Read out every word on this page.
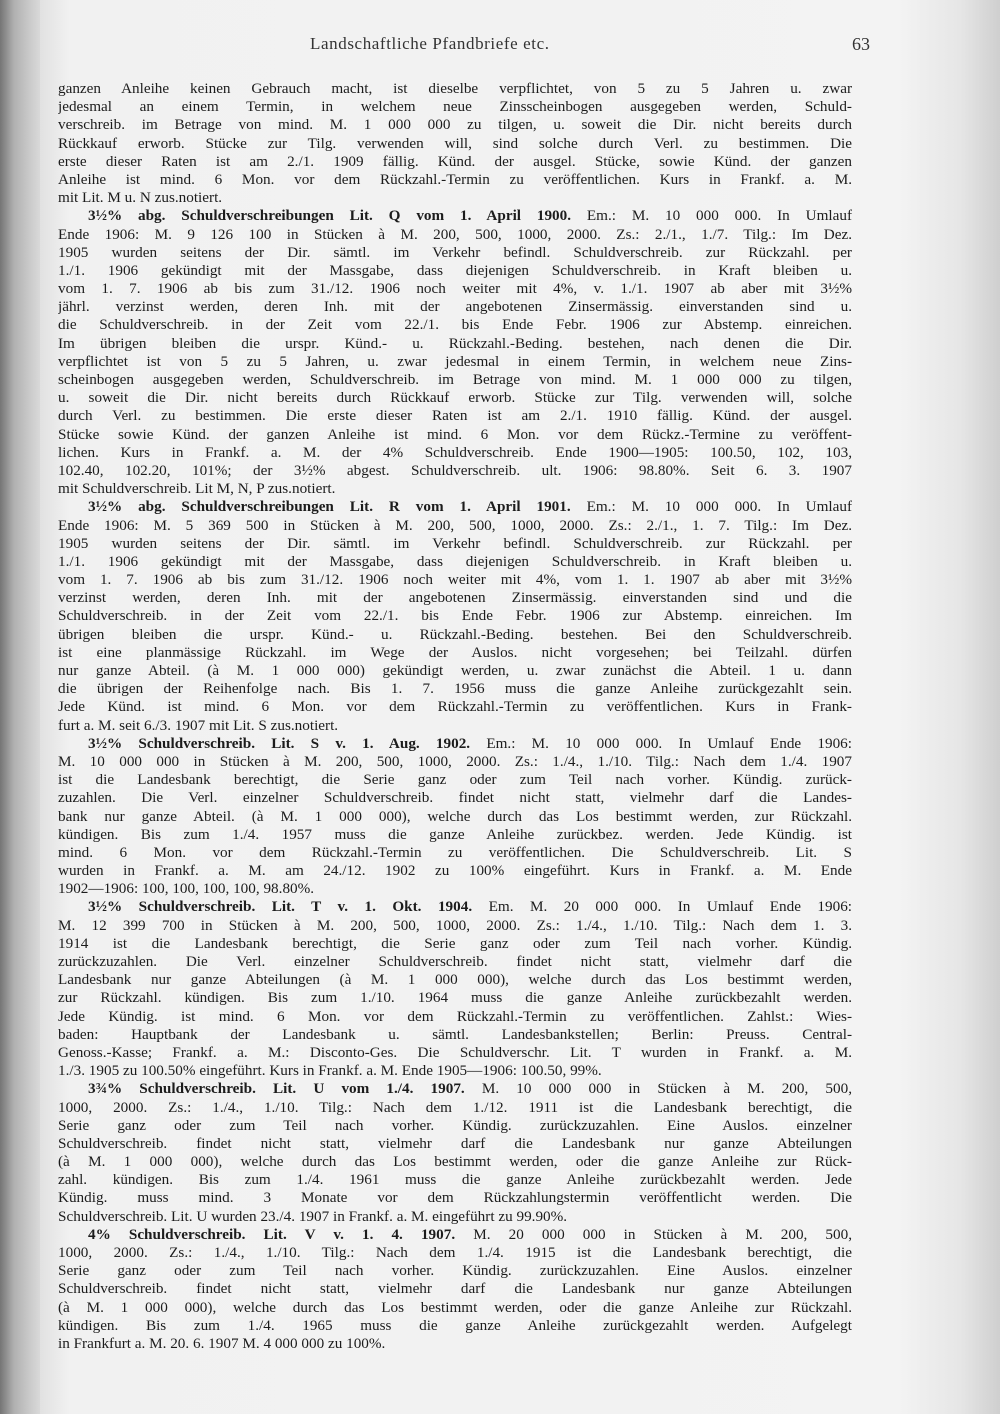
Landschaftliche Pfandbriefe etc.	63
ganzen Anleihe keinen Gebrauch macht, ist dieselbe verpflichtet, von 5 zu 5 Jahren u. zwar
jedesmal an einem Termin, in welchem neue Zinsscheinbogen ausgegeben werden, Schuld-
verschreib. im Betrage von mind. M. 1 000 000 zu tilgen, u. soweit die Dir. nicht bereits durch
Rückkauf erworb. Stücke zur Tilg. verwenden will, sind solche durch Verl. zu bestimmen. Die
erste dieser Raten ist am 2./1. 1909 fällig. Künd. der ausgel. Stücke, sowie Künd. der ganzen
Anleihe ist mind. 6 Mon. vor dem Rückzahl.-Termin zu veröffentlichen. Kurs in Frankf. a. M.
mit Lit. M u. N zus.notiert.
3½% abg. Schuldverschreibungen Lit. Q vom 1. April 1900. Em.: M. 10 000 000. In Umlauf
Ende 1906: M. 9 126 100 in Stücken à M. 200, 500, 1000, 2000. Zs.: 2./1., 1./7. Tilg.: Im Dez.
1905 wurden seitens der Dir. sämtl. im Verkehr befindl. Schuldverschreib. zur Rückzahl. per
1./1. 1906 gekündigt mit der Massgabe, dass diejenigen Schuldverschreib. in Kraft bleiben u.
vom 1. 7. 1906 ab bis zum 31./12. 1906 noch weiter mit 4%, v. 1./1. 1907 ab aber mit 3½%
jährl. verzinst werden, deren Inh. mit der angebotenen Zinsermässig. einverstanden sind u.
die Schuldverschreib. in der Zeit vom 22./1. bis Ende Febr. 1906 zur Abstemp. einreichen.
Im übrigen bleiben die urspr. Künd.- u. Rückzahl.-Beding. bestehen, nach denen die Dir.
verpflichtet ist von 5 zu 5 Jahren, u. zwar jedesmal in einem Termin, in welchem neue Zins-
scheinbogen ausgegeben werden, Schuldverschreib. im Betrage von mind. M. 1 000 000 zu tilgen,
u. soweit die Dir. nicht bereits durch Rückkauf erworb. Stücke zur Tilg. verwenden will, solche
durch Verl. zu bestimmen. Die erste dieser Raten ist am 2./1. 1910 fällig. Künd. der ausgel.
Stücke sowie Künd. der ganzen Anleihe ist mind. 6 Mon. vor dem Rückz.-Termine zu veröffent-
lichen. Kurs in Frankf. a. M. der 4% Schuldverschreib. Ende 1900—1905: 100.50, 102, 103,
102.40, 102.20, 101%; der 3½% abgest. Schuldverschreib. ult. 1906: 98.80%. Seit 6. 3. 1907
mit Schuldverschreib. Lit M, N, P zus.notiert.
3½% abg. Schuldverschreibungen Lit. R vom 1. April 1901. Em.: M. 10 000 000. In Umlauf
Ende 1906: M. 5 369 500 in Stücken à M. 200, 500, 1000, 2000. Zs.: 2./1., 1. 7. Tilg.: Im Dez.
1905 wurden seitens der Dir. sämtl. im Verkehr befindl. Schuldverschreib. zur Rückzahl. per
1./1. 1906 gekündigt mit der Massgabe, dass diejenigen Schuldverschreib. in Kraft bleiben u.
vom 1. 7. 1906 ab bis zum 31./12. 1906 noch weiter mit 4%, vom 1. 1. 1907 ab aber mit 3½%
verzinst werden, deren Inh. mit der angebotenen Zinsermässig. einverstanden sind und die
Schuldverschreib. in der Zeit vom 22./1. bis Ende Febr. 1906 zur Abstemp. einreichen. Im
übrigen bleiben die urspr. Künd.- u. Rückzahl.-Beding. bestehen. Bei den Schuldverschreib.
ist eine planmässige Rückzahl. im Wege der Auslos. nicht vorgesehen; bei Teilzahl. dürfen
nur ganze Abteil. (à M. 1 000 000) gekündigt werden, u. zwar zunächst die Abteil. 1 u. dann
die übrigen der Reihenfolge nach. Bis 1. 7. 1956 muss die ganze Anleihe zurückgezahlt sein.
Jede Künd. ist mind. 6 Mon. vor dem Rückzahl.-Termin zu veröffentlichen. Kurs in Frank-
furt a. M. seit 6./3. 1907 mit Lit. S zus.notiert.
3½% Schuldverschreib. Lit. S v. 1. Aug. 1902. Em.: M. 10 000 000. In Umlauf Ende 1906:
M. 10 000 000 in Stücken à M. 200, 500, 1000, 2000. Zs.: 1./4., 1./10. Tilg.: Nach dem 1./4. 1907
ist die Landesbank berechtigt, die Serie ganz oder zum Teil nach vorher. Kündig. zurück-
zuzahlen. Die Verl. einzelner Schuldverschreib. findet nicht statt, vielmehr darf die Landes-
bank nur ganze Abteil. (à M. 1 000 000), welche durch das Los bestimmt werden, zur Rückzahl.
kündigen. Bis zum 1./4. 1957 muss die ganze Anleihe zurückbez. werden. Jede Kündig. ist
mind. 6 Mon. vor dem Rückzahl.-Termin zu veröffentlichen. Die Schuldverschreib. Lit. S
wurden in Frankf. a. M. am 24./12. 1902 zu 100% eingeführt. Kurs in Frankf. a. M. Ende
1902—1906: 100, 100, 100, 100, 98.80%.
3½% Schuldverschreib. Lit. T v. 1. Okt. 1904. Em. M. 20 000 000. In Umlauf Ende 1906:
M. 12 399 700 in Stücken à M. 200, 500, 1000, 2000. Zs.: 1./4., 1./10. Tilg.: Nach dem 1. 3.
1914 ist die Landesbank berechtigt, die Serie ganz oder zum Teil nach vorher. Kündig.
zurückzuzahlen. Die Verl. einzelner Schuldverschreib. findet nicht statt, vielmehr darf die
Landesbank nur ganze Abteilungen (à M. 1 000 000), welche durch das Los bestimmt werden,
zur Rückzahl. kündigen. Bis zum 1./10. 1964 muss die ganze Anleihe zurückbezahlt werden.
Jede Kündig. ist mind. 6 Mon. vor dem Rückzahl.-Termin zu veröffentlichen. Zahlst.: Wies-
baden: Hauptbank der Landesbank u. sämtl. Landesbankstellen; Berlin: Preuss. Central-
Genoss.-Kasse; Frankf. a. M.: Disconto-Ges. Die Schuldverschr. Lit. T wurden in Frankf. a. M.
1./3. 1905 zu 100.50% eingeführt. Kurs in Frankf. a. M. Ende 1905—1906: 100.50, 99%.
3¾% Schuldverschreib. Lit. U vom 1./4. 1907. M. 10 000 000 in Stücken à M. 200, 500,
1000, 2000. Zs.: 1./4., 1./10. Tilg.: Nach dem 1./12. 1911 ist die Landesbank berechtigt, die
Serie ganz oder zum Teil nach vorher. Kündig. zurückzuzahlen. Eine Auslos. einzelner
Schuldverschreib. findet nicht statt, vielmehr darf die Landesbank nur ganze Abteilungen
(à M. 1 000 000), welche durch das Los bestimmt werden, oder die ganze Anleihe zur Rück-
zahl. kündigen. Bis zum 1./4. 1961 muss die ganze Anleihe zurückbezahlt werden. Jede
Kündig. muss mind. 3 Monate vor dem Rückzahlungstermin veröffentlicht werden. Die
Schuldverschreib. Lit. U wurden 23./4. 1907 in Frankf. a. M. eingeführt zu 99.90%.
4% Schuldverschreib. Lit. V v. 1. 4. 1907. M. 20 000 000 in Stücken à M. 200, 500,
1000, 2000. Zs.: 1./4., 1./10. Tilg.: Nach dem 1./4. 1915 ist die Landesbank berechtigt, die
Serie ganz oder zum Teil nach vorher. Kündig. zurückzuzahlen. Eine Auslos. einzelner
Schuldverschreib. findet nicht statt, vielmehr darf die Landesbank nur ganze Abteilungen
(à M. 1 000 000), welche durch das Los bestimmt werden, oder die ganze Anleihe zur Rückzahl.
kündigen. Bis zum 1./4. 1965 muss die ganze Anleihe zurückgezahlt werden. Aufgelegt
in Frankfurt a. M. 20. 6. 1907 M. 4 000 000 zu 100%.
